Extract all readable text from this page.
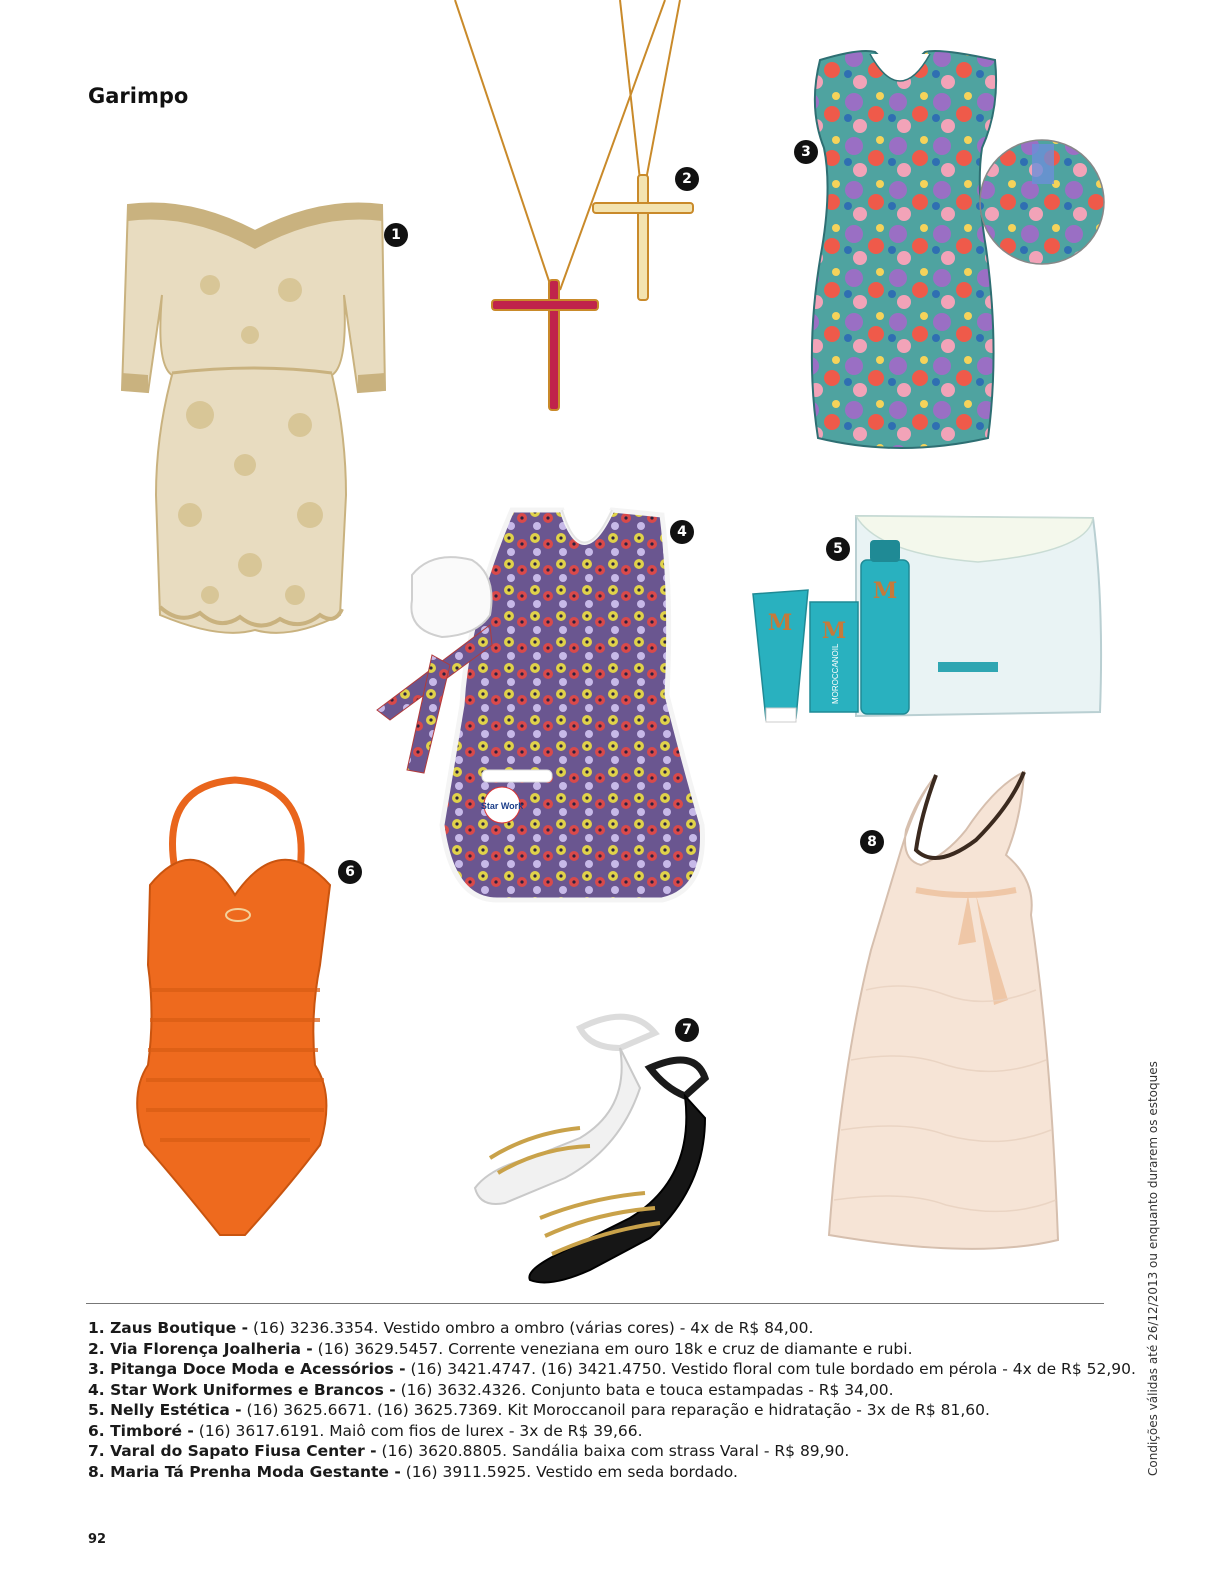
Garimpo
1
2
3
Star Work
4
M M
M
MOROCCANOIL
5
6
7
8
1. Zaus Boutique - (16) 3236.3354. Vestido ombro a ombro (várias cores) - 4x de R$ 84,00.
2. Via Florença Joalheria - (16) 3629.5457. Corrente veneziana em ouro 18k e cruz de diamante e rubi.
3. Pitanga Doce Moda e Acessórios - (16) 3421.4747. (16) 3421.4750. Vestido floral com tule bordado em pérola - 4x de R$ 52,90.
4. Star Work Uniformes e Brancos - (16) 3632.4326. Conjunto bata e touca estampadas - R$ 34,00.
5. Nelly Estética - (16) 3625.6671. (16) 3625.7369. Kit Moroccanoil para reparação e hidratação - 3x de R$ 81,60.
6. Timboré - (16) 3617.6191. Maiô com fios de lurex - 3x de R$ 39,66.
7. Varal do Sapato Fiusa Center - (16) 3620.8805. Sandália baixa com strass Varal - R$ 89,90.
8. Maria Tá Prenha Moda Gestante - (16) 3911.5925. Vestido em seda bordado.
92
Condições válidas até 26/12/2013 ou enquanto durarem os estoques
